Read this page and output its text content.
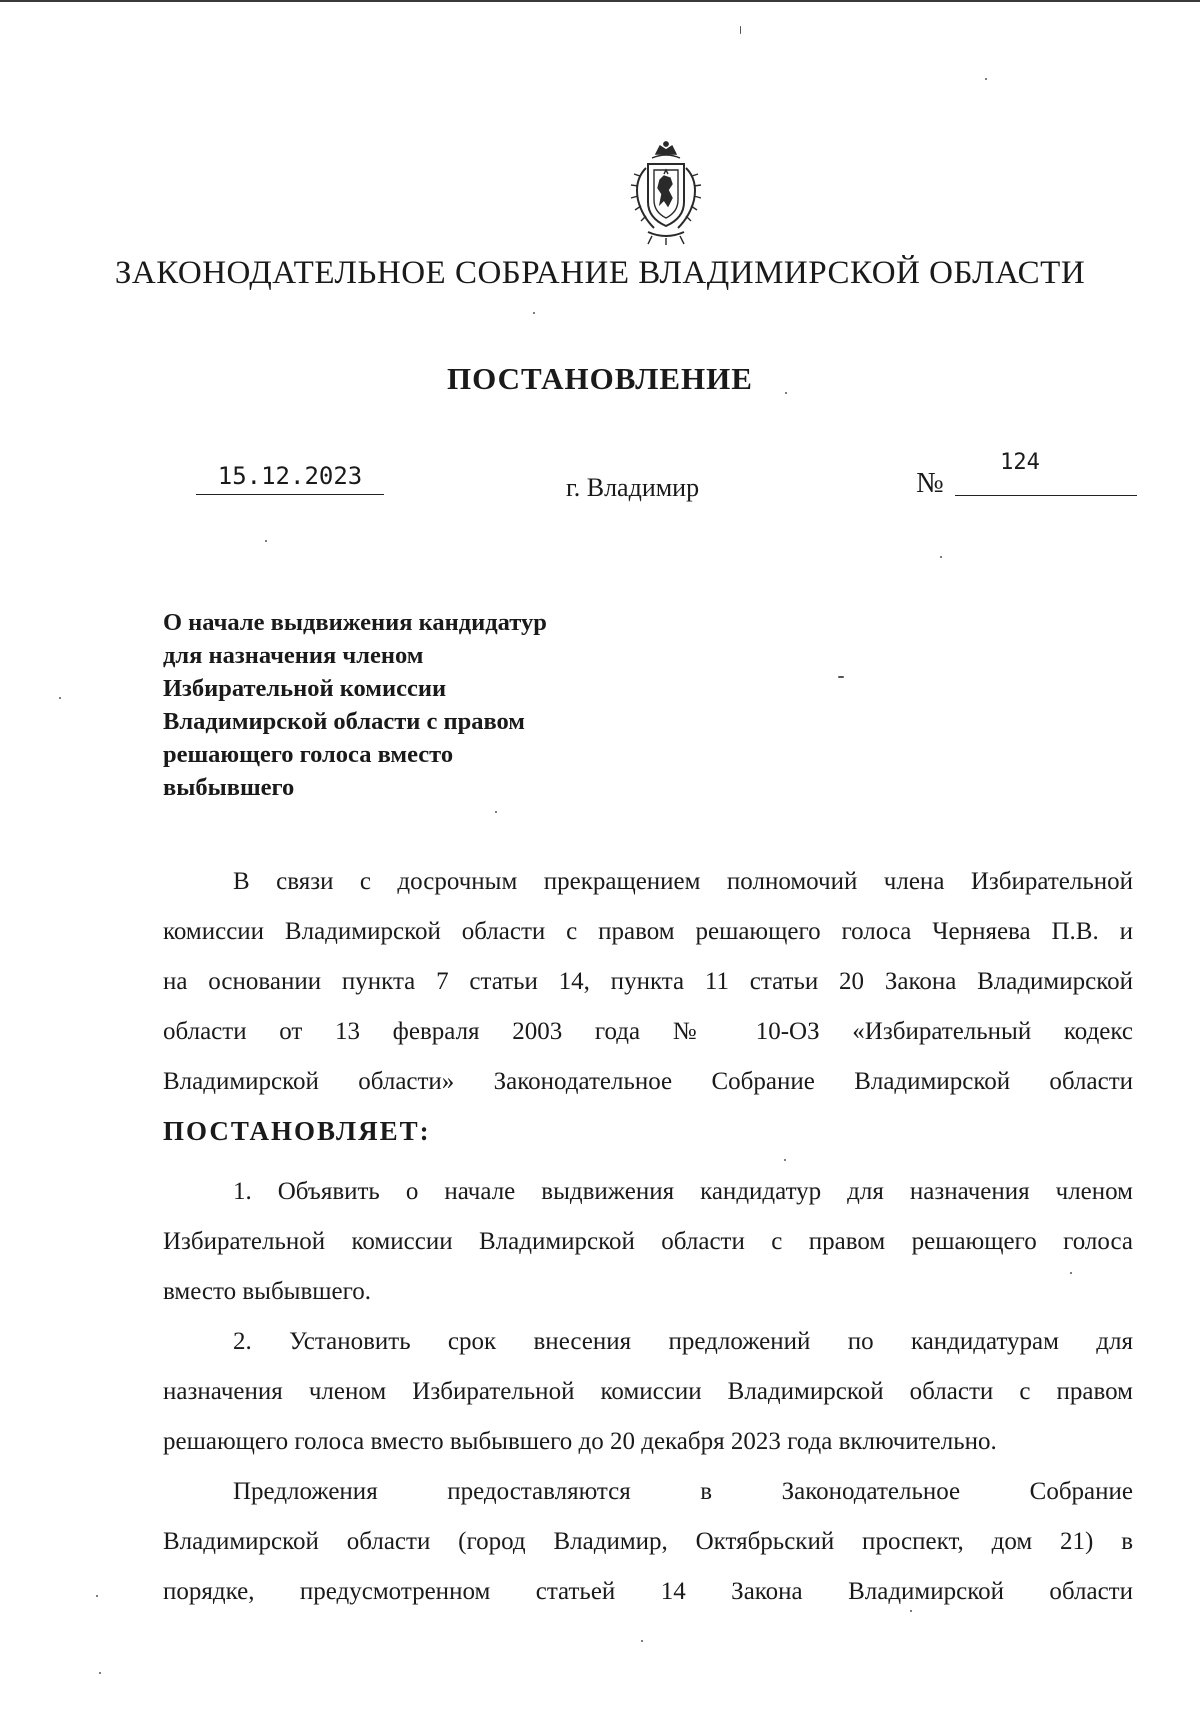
ЗАКОНОДАТЕЛЬНОЕ СОБРАНИЕ ВЛАДИМИРСКОЙ ОБЛАСТИ
ПОСТАНОВЛЕНИЕ
15.12.2023	г. Владимир	№
124
О начале выдвижения кандидатур
для назначения членом
Избирательной комиссии
Владимирской области с правом
решающего голоса вместо
выбывшего
В связи с досрочным прекращением полномочий члена Избирательной
комиссии Владимирской области с правом решающего голоса Черняева П.В. и
на основании пункта 7 статьи 14, пункта 11 статьи 20 Закона Владимирской
области от 13 февраля 2003 года № 10-ОЗ «Избирательный кодекс
Владимирской области» Законодательное Собрание Владимирской области
ПОСТАНОВЛЯЕТ:
1. Объявить о начале выдвижения кандидатур для назначения членом
Избирательной комиссии Владимирской области с правом решающего голоса
вместо выбывшего.
2. Установить срок внесения предложений по кандидатурам для
назначения членом Избирательной комиссии Владимирской области с правом
решающего голоса вместо выбывшего до 20 декабря 2023 года включительно.
Предложения предоставляются в Законодательное Собрание
Владимирской области (город Владимир, Октябрьский проспект, дом 21) в
порядке, предусмотренном статьей 14 Закона Владимирской области
